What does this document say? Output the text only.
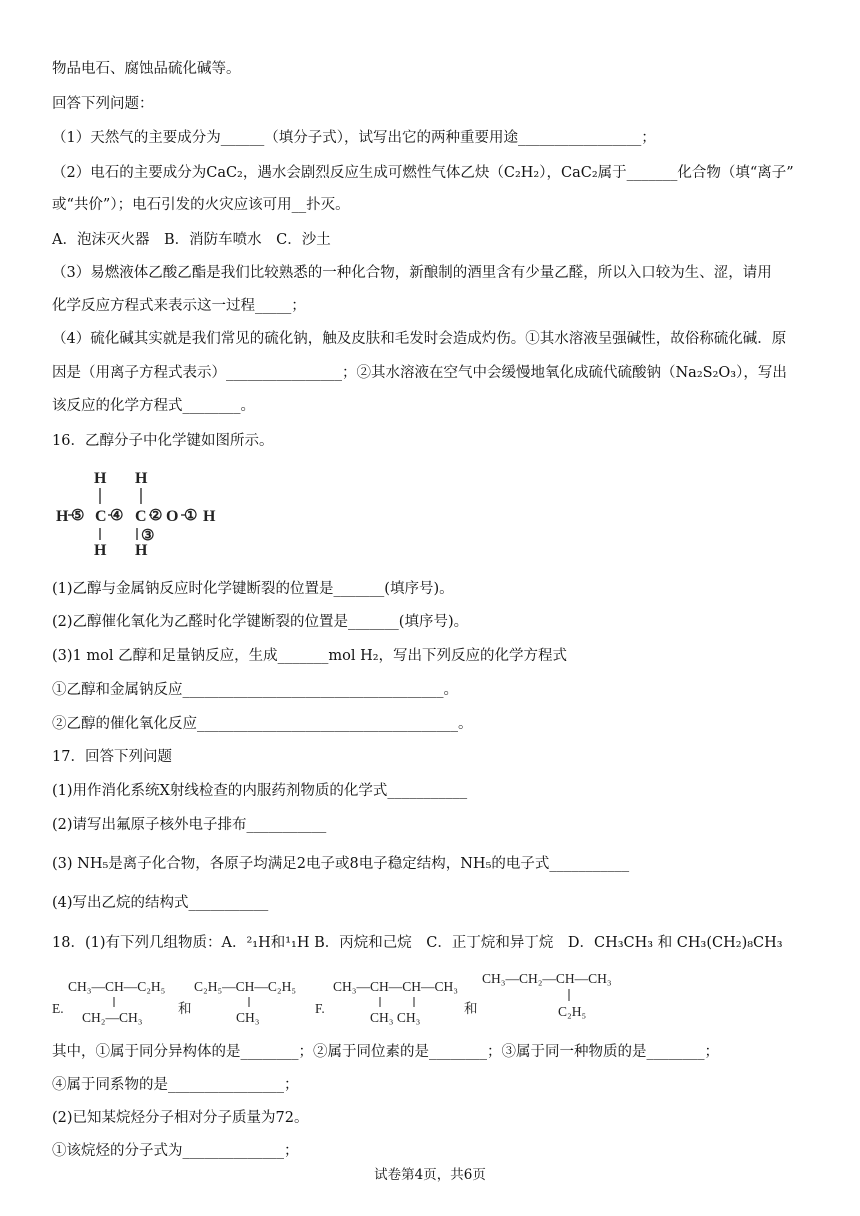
物品电石、腐蚀品硫化碱等。
回答下列问题：
（1）天然气的主要成分为______（填分子式），试写出它的两种重要用途_________________；
（2）电石的主要成分为CaC₂，遇水会剧烈反应生成可燃性气体乙炔（C₂H₂），CaC₂属于_______化合物（填“离子”
或“共价”）；电石引发的火灾应该可用__扑灭。
A．泡沫灭火器　B．消防车喷水　C．沙土
（3）易燃液体乙酸乙酯是我们比较熟悉的一种化合物，新酿制的酒里含有少量乙醛，所以入口较为生、涩，请用
化学反应方程式来表示这一过程_____；
（4）硫化碱其实就是我们常见的硫化钠，触及皮肤和毛发时会造成灼伤。①其水溶液呈强碱性，故俗称硫化碱．原
因是（用离子方程式表示）________________；②其水溶液在空气中会缓慢地氧化成硫代硫酸钠（Na₂S₂O₃），写出
该反应的化学方程式________。
16．乙醇分子中化学键如图所示。
H H
H C C O H
H H
⑤ ④ ② ①
③
(1)乙醇与金属钠反应时化学键断裂的位置是_______(填序号)。
(2)乙醇催化氧化为乙醛时化学键断裂的位置是_______(填序号)。
(3)1 mol 乙醇和足量钠反应，生成_______mol H₂，写出下列反应的化学方程式
①乙醇和金属钠反应____________________________________。
②乙醇的催化氧化反应____________________________________。
17．回答下列问题
(1)用作消化系统X射线检查的内服药剂物质的化学式___________
(2)请写出氟原子核外电子排布___________
(3) NH₅是离子化合物，各原子均满足2电子或8电子稳定结构，NH₅的电子式___________
(4)写出乙烷的结构式___________
18．(1)有下列几组物质：A．²₁H和¹₁H B．丙烷和己烷　C．正丁烷和异丁烷　D．CH₃CH₃ 和 CH₃(CH₂)₈CH₃
E.
CH₃—CH—C₂H₅
CH₂—CH₃
和
C₂H₅—CH—C₂H₅
CH₃
F.
CH₃—CH—CH—CH₃
CH₃ CH₃
和
CH₃—CH₂—CH—CH₃
C₂H₅
其中，①属于同分异构体的是________；②属于同位素的是________；③属于同一种物质的是________；
④属于同系物的是________________；
(2)已知某烷烃分子相对分子质量为72。
①该烷烃的分子式为______________；
试卷第4页，共6页
